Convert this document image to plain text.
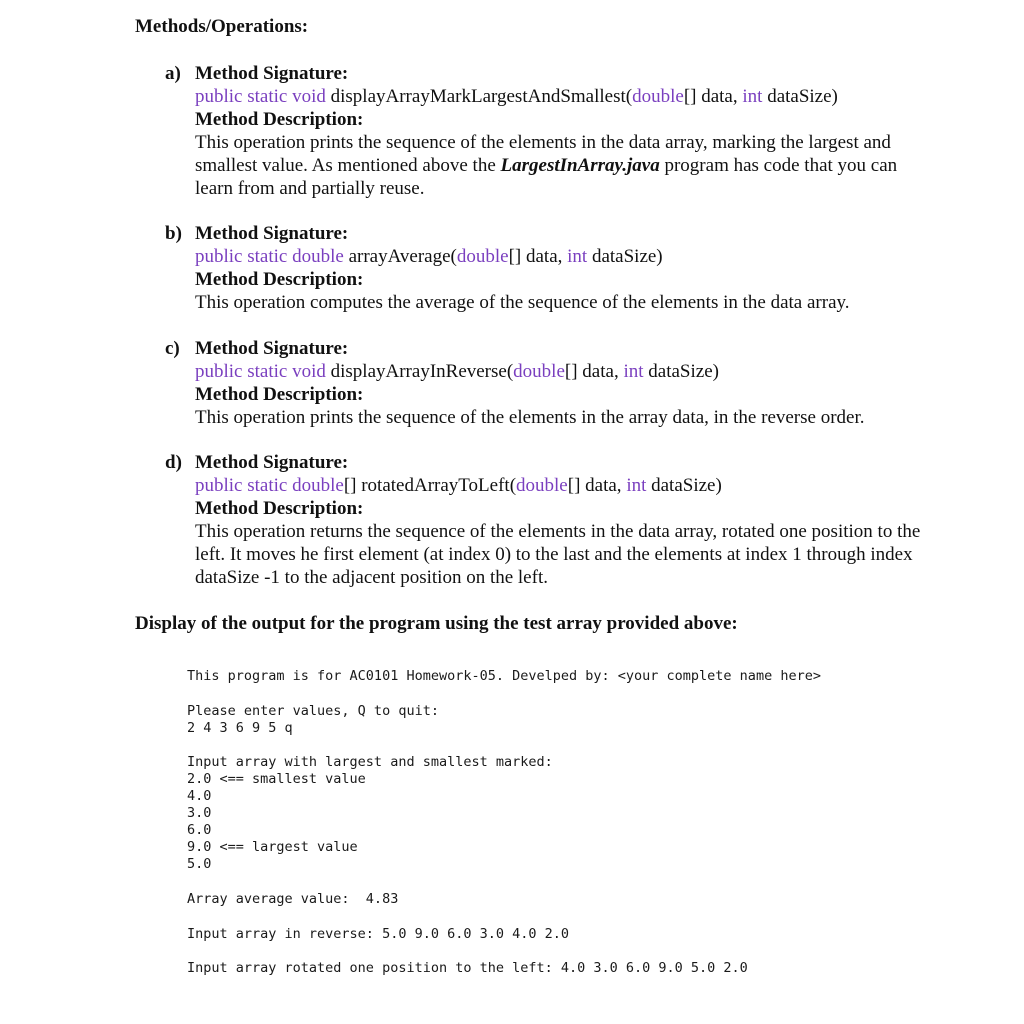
Methods/Operations:
a) Method Signature:
public static void displayArrayMarkLargestAndSmallest(double[] data, int dataSize)
Method Description:
This operation prints the sequence of the elements in the data array, marking the largest and smallest value. As mentioned above the LargestInArray.java program has code that you can learn from and partially reuse.
b) Method Signature:
public static double arrayAverage(double[] data, int dataSize)
Method Description:
This operation computes the average of the sequence of the elements in the data array.
c) Method Signature:
public static void displayArrayInReverse(double[] data, int dataSize)
Method Description:
This operation prints the sequence of the elements in the array data, in the reverse order.
d) Method Signature:
public static double[] rotatedArrayToLeft(double[] data, int dataSize)
Method Description:
This operation returns the sequence of the elements in the data array, rotated one position to the left. It moves he first element (at index 0) to the last and the elements at index 1 through index dataSize -1 to the adjacent position on the left.
Display of the output for the program using the test array provided above:
This program is for AC0101 Homework-05. Develped by: <your complete name here>
Please enter values, Q to quit:
2 4 3 6 9 5 q
Input array with largest and smallest marked:
2.0 <== smallest value
4.0
3.0
6.0
9.0 <== largest value
5.0
Array average value:  4.83
Input array in reverse: 5.0 9.0 6.0 3.0 4.0 2.0
Input array rotated one position to the left: 4.0 3.0 6.0 9.0 5.0 2.0
